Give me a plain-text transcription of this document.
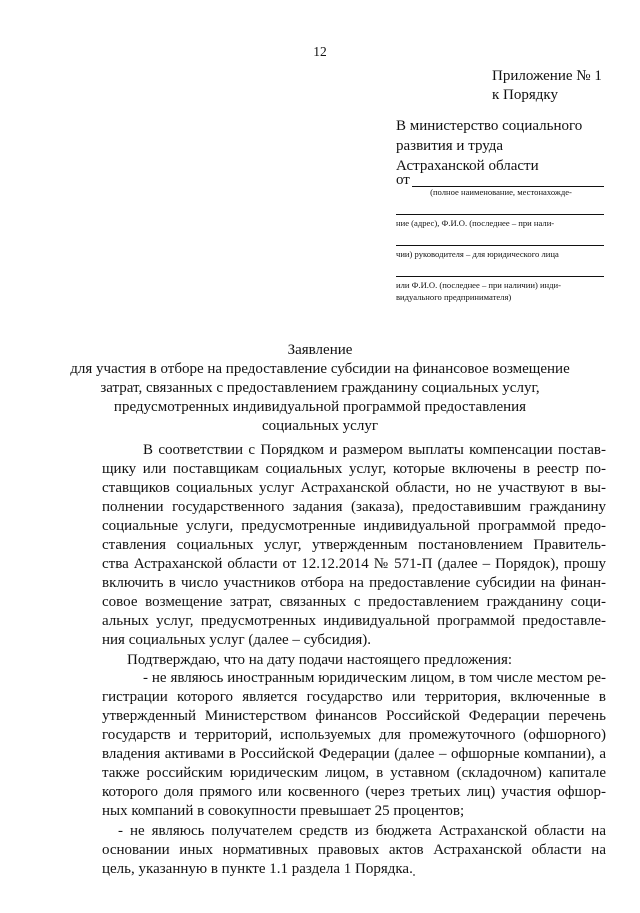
12
Приложение № 1
к Порядку
В министерство социального
развития и труда
Астраханской области
от
(полное наименование, местонахожде-
ние (адрес), Ф.И.О. (последнее – при нали-
чии) руководителя – для юридического лица
или Ф.И.О. (последнее – при наличии) инди-
видуального предпринимателя)
Заявление
для участия в отборе на предоставление субсидии на финансовое возмещение
затрат, связанных с предоставлением гражданину социальных услуг,
предусмотренных индивидуальной программой предоставления
социальных услуг
В соответствии с Порядком и размером выплаты компенсации постав-
щику или поставщикам социальных услуг, которые включены в реестр по-
ставщиков социальных услуг Астраханской области, но не участвуют в вы-
полнении государственного задания (заказа), предоставившим гражданину
социальные услуги, предусмотренные индивидуальной программой предо-
ставления социальных услуг, утвержденным постановлением Правитель-
ства Астраханской области от 12.12.2014 № 571-П (далее – Порядок), прошу
включить в число участников отбора на предоставление субсидии на финан-
совое возмещение затрат, связанных с предоставлением гражданину соци-
альных услуг, предусмотренных индивидуальной программой предоставле-
ния социальных услуг (далее – субсидия).
Подтверждаю, что на дату подачи настоящего предложения:
- не являюсь иностранным юридическим лицом, в том числе местом ре-
гистрации которого является государство или территория, включенные в
утвержденный Министерством финансов Российской Федерации перечень
государств и территорий, используемых для промежуточного (офшорного)
владения активами в Российской Федерации (далее – офшорные компании), а
также российским юридическим лицом, в уставном (складочном) капитале
которого доля прямого или косвенного (через третьих лиц) участия офшор-
ных компаний в совокупности превышает 25 процентов;
- не являюсь получателем средств из бюджета Астраханской области на
основании иных нормативных правовых актов Астраханской области на
цель, указанную в пункте 1.1 раздела 1 Порядка.
